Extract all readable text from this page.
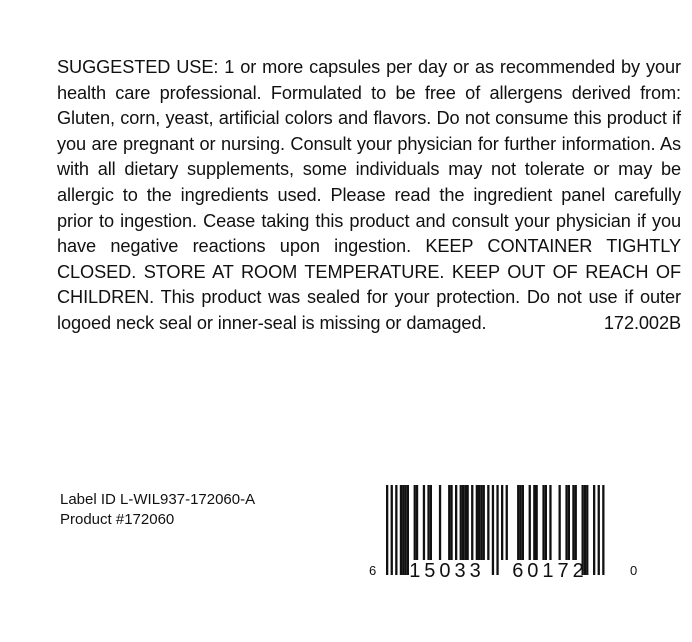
SUGGESTED USE: 1 or more capsules per day or as recommended by your health care professional. Formulated to be free of allergens derived from: Gluten, corn, yeast, artificial colors and flavors. Do not consume this product if you are pregnant or nursing. Consult your physician for further information. As with all dietary supplements, some individuals may not tolerate or may be allergic to the ingredients used. Please read the ingredient panel carefully prior to ingestion. Cease taking this product and consult your physician if you have negative reactions upon ingestion. KEEP CONTAINER TIGHTLY CLOSED. STORE AT ROOM TEMPERATURE. KEEP OUT OF REACH OF CHILDREN. This product was sealed for your protection. Do not use if outer logoed neck seal or inner-seal is missing or damaged.	172.002B
Label ID L-WIL937-172060-A
Product #172060
6 15033 60172	0
